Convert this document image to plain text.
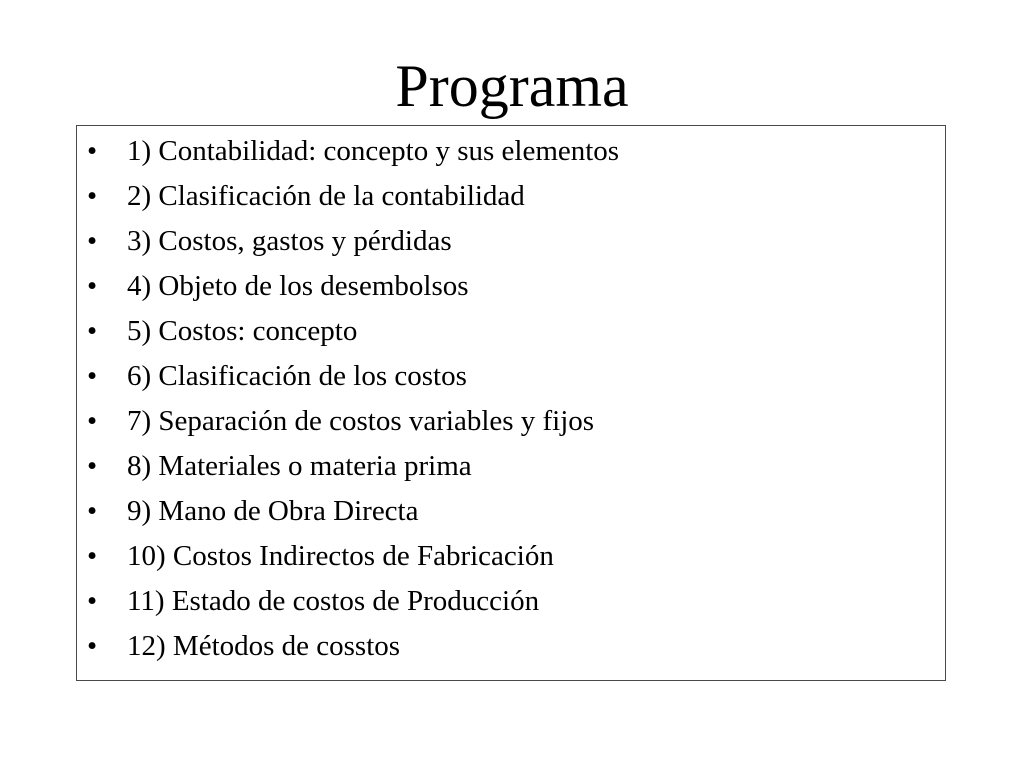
Programa
• 1) Contabilidad: concepto y sus elementos
• 2) Clasificación de la contabilidad
• 3) Costos, gastos y pérdidas
• 4) Objeto de los desembolsos
• 5) Costos: concepto
• 6) Clasificación de los costos
• 7) Separación de costos variables y fijos
• 8) Materiales o materia prima
• 9) Mano de Obra Directa
• 10) Costos Indirectos de Fabricación
• 11) Estado de costos de Producción
• 12) Métodos de cosstos
